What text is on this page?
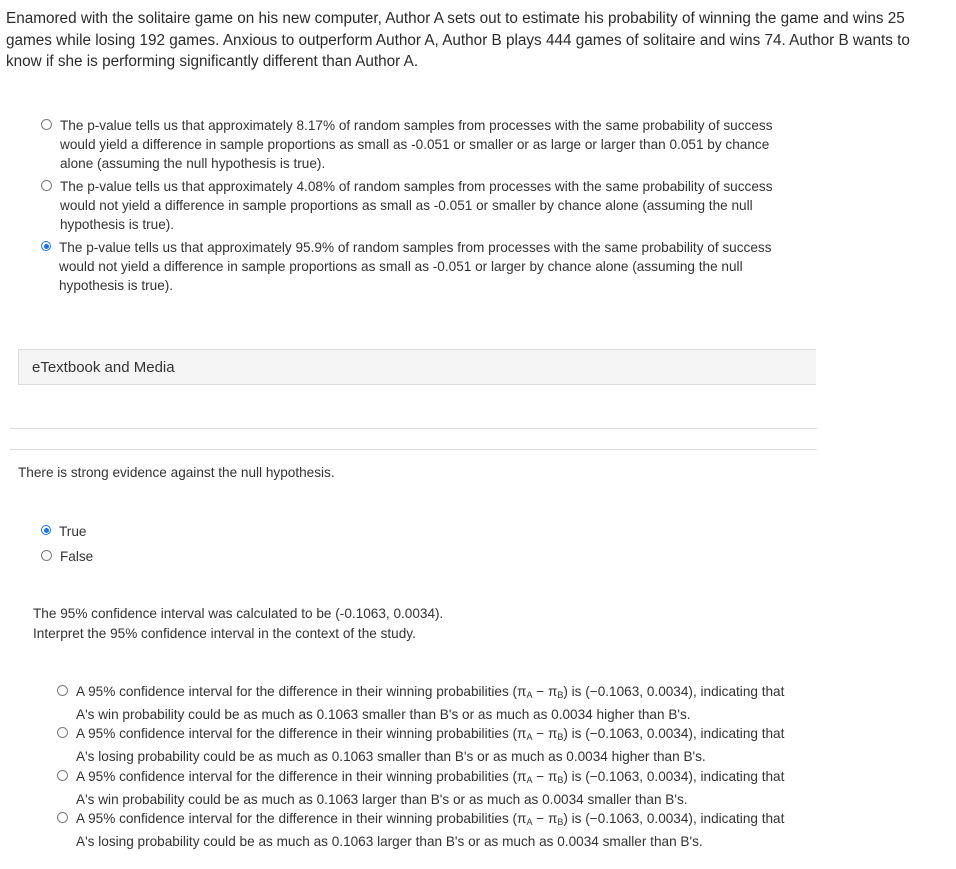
Enamored with the solitaire game on his new computer, Author A sets out to estimate his probability of winning the game and wins 25 games while losing 192 games. Anxious to outperform Author A, Author B plays 444 games of solitaire and wins 74. Author B wants to know if she is performing significantly different than Author A.
The p-value tells us that approximately 8.17% of random samples from processes with the same probability of success would yield a difference in sample proportions as small as -0.051 or smaller or as large or larger than 0.051 by chance alone (assuming the null hypothesis is true).
The p-value tells us that approximately 4.08% of random samples from processes with the same probability of success would not yield a difference in sample proportions as small as -0.051 or smaller by chance alone (assuming the null hypothesis is true).
The p-value tells us that approximately 95.9% of random samples from processes with the same probability of success would not yield a difference in sample proportions as small as -0.051 or larger by chance alone (assuming the null hypothesis is true).
eTextbook and Media
There is strong evidence against the null hypothesis.
True
False
The 95% confidence interval was calculated to be (-0.1063, 0.0034).
Interpret the 95% confidence interval in the context of the study.
A 95% confidence interval for the difference in their winning probabilities $(\pi_A - \pi_B)$ is (−0.1063, 0.0034), indicating that
A's win probability could be as much as 0.1063 smaller than B's or as much as 0.0034 higher than B's.
A 95% confidence interval for the difference in their winning probabilities $(\pi_A - \pi_B)$ is (−0.1063, 0.0034), indicating that
A's losing probability could be as much as 0.1063 smaller than B's or as much as 0.0034 higher than B's.
A 95% confidence interval for the difference in their winning probabilities $(\pi_A - \pi_B)$ is (−0.1063, 0.0034), indicating that
A's win probability could be as much as 0.1063 larger than B's or as much as 0.0034 smaller than B's.
A 95% confidence interval for the difference in their winning probabilities $(\pi_A - \pi_B)$ is (−0.1063, 0.0034), indicating that
A's losing probability could be as much as 0.1063 larger than B's or as much as 0.0034 smaller than B's.
